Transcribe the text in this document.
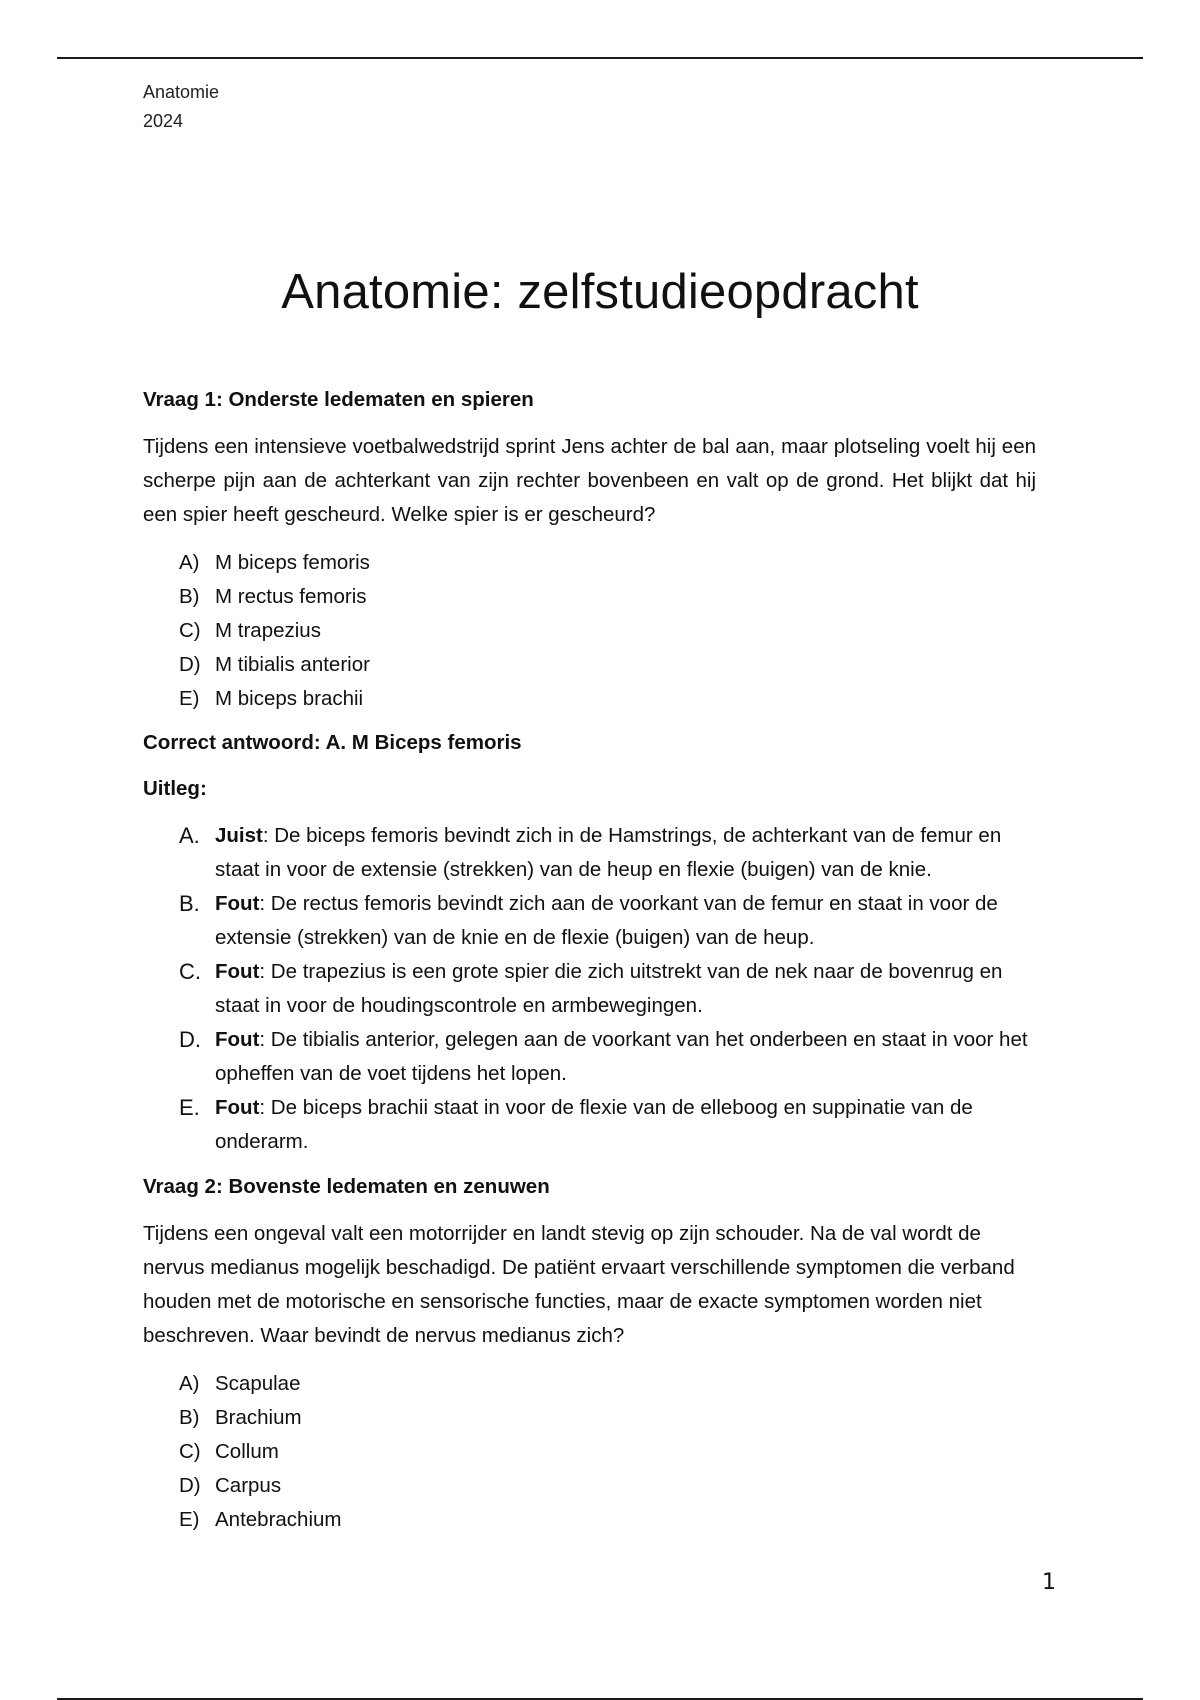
Anatomie
2024
Anatomie: zelfstudieopdracht

Vraag 1: Onderste ledematen en spieren

Tijdens een intensieve voetbalwedstrijd sprint Jens achter de bal aan, maar plotseling voelt hij een scherpe pijn aan de achterkant van zijn rechter bovenbeen en valt op de grond. Het blijkt dat hij een spier heeft gescheurd. Welke spier is er gescheurd?

A) M biceps femoris
B) M rectus femoris
C) M trapezius
D) M tibialis anterior
E) M biceps brachii

Correct antwoord: A. M Biceps femoris

Uitleg:

A. Juist: De biceps femoris bevindt zich in de Hamstrings, de achterkant van de femur en staat in voor de extensie (strekken) van de heup en flexie (buigen) van de knie.
B. Fout: De rectus femoris bevindt zich aan de voorkant van de femur en staat in voor de extensie (strekken) van de knie en de flexie (buigen) van de heup.
C. Fout: De trapezius is een grote spier die zich uitstrekt van de nek naar de bovenrug en staat in voor de houdingscontrole en armbewegingen.
D. Fout: De tibialis anterior, gelegen aan de voorkant van het onderbeen en staat in voor het opheffen van de voet tijdens het lopen.
E. Fout: De biceps brachii staat in voor de flexie van de elleboog en suppinatie van de onderarm.

Vraag 2: Bovenste ledematen en zenuwen

Tijdens een ongeval valt een motorrijder en landt stevig op zijn schouder. Na de val wordt de nervus medianus mogelijk beschadigd. De patiënt ervaart verschillende symptomen die verband houden met de motorische en sensorische functies, maar de exacte symptomen worden niet beschreven. Waar bevindt de nervus medianus zich?

A) Scapulae
B) Brachium
C) Collum
D) Carpus
E) Antebrachium
1
